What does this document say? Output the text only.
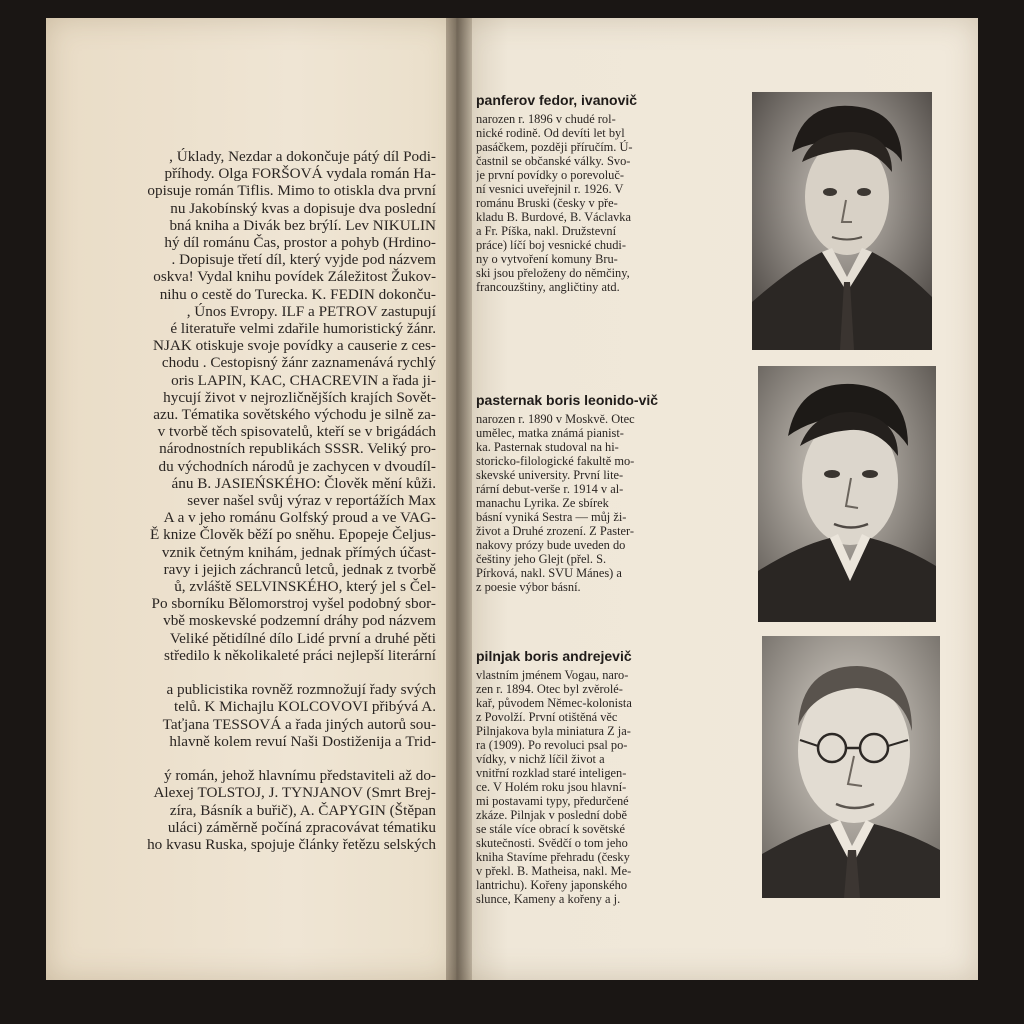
, Úklady, Nezdar a dokončuje pátý díl Podi-
příhody. Olga FORŠOVÁ vydala román Ha-
opisuje román Tiflis. Mimo to otiskla dva první
nu Jakobínský kvas a dopisuje dva poslední
bná kniha a Divák bez brýlí. Lev NIKULIN
hý díl románu Čas, prostor a pohyb (Hrdino-
. Dopisuje třetí díl, který vyjde pod názvem
oskva! Vydal knihu povídek Záležitost Žukov-
nihu o cestě do Turecka. K. FEDIN dokonču-
, Únos Evropy. ILF a PETROV zastupují
é literatuře velmi zdařile humoristický žánr.
NJAK otiskuje svoje povídky a causerie z ces-
chodu . Cestopisný žánr zaznamenává rychlý
oris LAPIN, KAC, CHACREVIN a řada ji-
hycují život v nejrozličnějších krajích Sovět-
azu. Tématika sovětského východu je silně za-
v tvorbě těch spisovatelů, kteří se v brigádách
národnostních republikách SSSR. Veliký pro-
du východních národů je zachycen v dvoudíl-
ánu B. JASIEŃSKÉHO: Člověk mění kůži.
sever našel svůj výraz v reportážích Max
A a v jeho románu Golfský proud a ve VAG-
Ě knize Člověk běží po sněhu. Epopeje Čeljus-
vznik četným knihám, jednak přímých účast-
ravy i jejich záchranců letců, jednak z tvorbě
ů, zvláště SELVINSKÉHO, který jel s Čel-
Po sborníku Bělomorstroj vyšel podobný sbor-
vbě moskevské podzemní dráhy pod názvem
Veliké pětidílné dílo Lidé první a druhé pěti
středilo k několikaleté práci nejlepší literární
a publicistika rovněž rozmnožují řady svých
telů. K Michajlu KOLCOVOVI přibývá A.
Taťjana TESSOVÁ a řada jiných autorů sou-
hlavně kolem revuí Naši Dostiženija a Trid-
ý román, jehož hlavnímu představiteli až do-
Alexej TOLSTOJ, J. TYNJANOV (Smrt Brej-
zíra, Básník a buřič), A. ČAPYGIN (Štěpan
uláci) záměrně počíná zpracovávat tématiku
ho kvasu Ruska, spojuje články řetězu selských
panferov fedor, ivanovič
narozen r. 1896 v chudé rol-
nické rodině. Od devíti let byl
pasáčkem, později příručím. Ú-
častnil se občanské války. Svo-
je první povídky o porevoluč-
ní vesnici uveřejnil r. 1926. V
románu Bruski (česky v pře-
kladu B. Burdové, B. Václavka
a Fr. Píška, nakl. Družstevní
práce) líčí boj vesnické chudi-
ny o vytvoření komuny Bru-
ski jsou přeloženy do němčiny,
francouzštiny, angličtiny atd.
pasternak boris leonido-vič
narozen r. 1890 v Moskvě. Otec
umělec, matka známá pianist-
ka. Pasternak studoval na hi-
storicko-filologické fakultě mo-
skevské university. První lite-
rární debut-verše r. 1914 v al-
manachu Lyrika. Ze sbírek
básní vyniká Sestra — můj ži-
život a Druhé zrození. Z Paster-
nakovy prózy bude uveden do
češtiny jeho Glejt (přel. S.
Pírková, nakl. SVU Mánes) a
z poesie výbor básní.
pilnjak boris andrejevič
vlastním jménem Vogau, naro-
zen r. 1894. Otec byl zvěrolé-
kař, původem Němec-kolonista
z Povolží. První otištěná věc
Pilnjakova byla miniatura Z ja-
ra (1909). Po revoluci psal po-
vídky, v nichž líčil život a
vnitřní rozklad staré inteligen-
ce. V Holém roku jsou hlavní-
mi postavami typy, předurčené
zkáze. Pilnjak v poslední době
se stále více obrací k sovětské
skutečnosti. Svědčí o tom jeho
kniha Stavíme přehradu (česky
v překl. B. Matheisa, nakl. Me-
lantrichu). Kořeny japonského
slunce, Kameny a kořeny a j.
